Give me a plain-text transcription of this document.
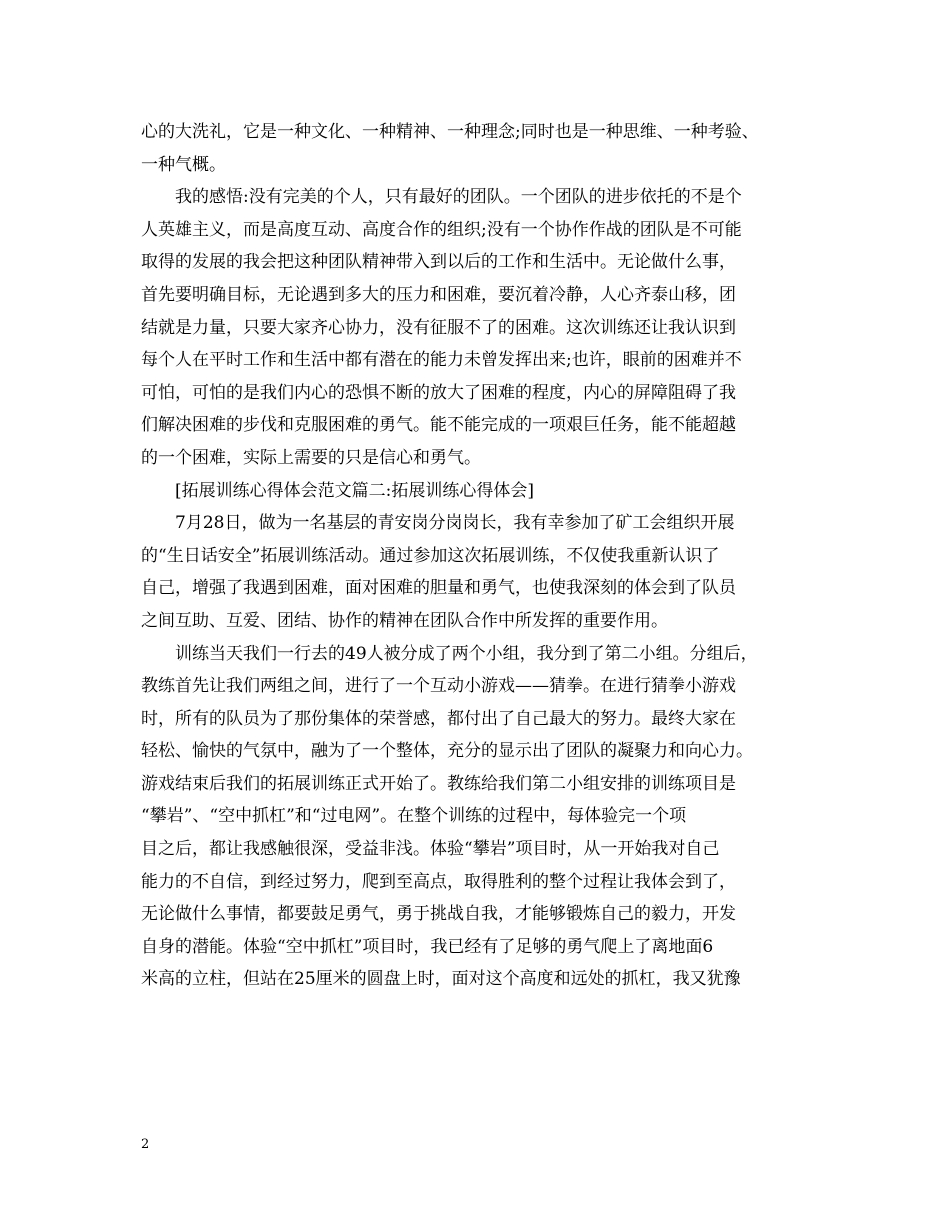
心的大洗礼，它是一种文化、一种精神、一种理念;同时也是一种思维、一种考验、
一种气概。
　　我的感悟:没有完美的个人，只有最好的团队。一个团队的进步依托的不是个
人英雄主义，而是高度互动、高度合作的组织;没有一个协作作战的团队是不可能
取得的发展的我会把这种团队精神带入到以后的工作和生活中。无论做什么事，
首先要明确目标，无论遇到多大的压力和困难，要沉着冷静，人心齐泰山移，团
结就是力量，只要大家齐心协力，没有征服不了的困难。这次训练还让我认识到
每个人在平时工作和生活中都有潜在的能力未曾发挥出来;也许，眼前的困难并不
可怕，可怕的是我们内心的恐惧不断的放大了困难的程度，内心的屏障阻碍了我
们解决困难的步伐和克服困难的勇气。能不能完成的一项艰巨任务，能不能超越
的一个困难，实际上需要的只是信心和勇气。
　　[拓展训练心得体会范文篇二:拓展训练心得体会]
　　7月28日，做为一名基层的青安岗分岗岗长，我有幸参加了矿工会组织开展
的“生日话安全”拓展训练活动。通过参加这次拓展训练，不仅使我重新认识了
自己，增强了我遇到困难，面对困难的胆量和勇气，也使我深刻的体会到了队员
之间互助、互爱、团结、协作的精神在团队合作中所发挥的重要作用。
　　训练当天我们一行去的49人被分成了两个小组，我分到了第二小组。分组后，
教练首先让我们两组之间，进行了一个互动小游戏——猜拳。在进行猜拳小游戏
时，所有的队员为了那份集体的荣誉感，都付出了自己最大的努力。最终大家在
轻松、愉快的气氛中，融为了一个整体，充分的显示出了团队的凝聚力和向心力。
游戏结束后我们的拓展训练正式开始了。教练给我们第二小组安排的训练项目是
“攀岩”、“空中抓杠”和“过电网”。在整个训练的过程中，每体验完一个项
目之后，都让我感触很深，受益非浅。体验“攀岩”项目时，从一开始我对自己
能力的不自信，到经过努力，爬到至高点，取得胜利的整个过程让我体会到了，
无论做什么事情，都要鼓足勇气，勇于挑战自我，才能够锻炼自己的毅力，开发
自身的潜能。体验“空中抓杠”项目时，我已经有了足够的勇气爬上了离地面6
米高的立柱，但站在25厘米的圆盘上时，面对这个高度和远处的抓杠，我又犹豫
2
